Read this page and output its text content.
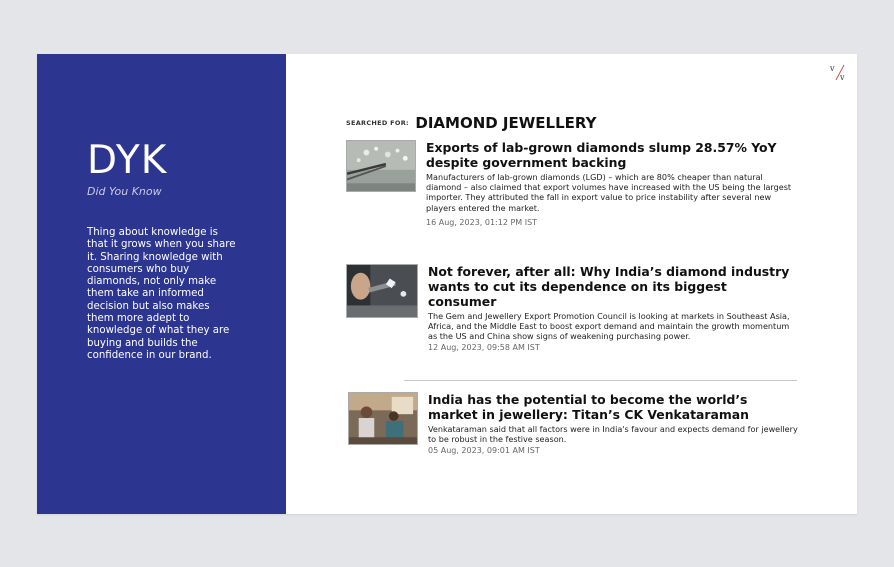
DYK
Did You Know
Thing about knowledge is that it grows when you share it. Sharing knowledge with consumers who buy diamonds, not only make them take an informed decision but also makes them more adept to knowledge of what they are buying and builds the confidence in our brand.
v
v
SEARCHED FOR: DIAMOND JEWELLERY
Exports of lab-grown diamonds slump 28.57% YoY despite government backing
Manufacturers of lab-grown diamonds (LGD) – which are 80% cheaper than natural diamond – also claimed that export volumes have increased with the US being the largest importer. They attributed the fall in export value to price instability after several new players entered the market.
16 Aug, 2023, 01:12 PM IST
Not forever, after all: Why India’s diamond industry wants to cut its dependence on its biggest consumer
The Gem and Jewellery Export Promotion Council is looking at markets in Southeast Asia, Africa, and the Middle East to boost export demand and maintain the growth momentum as the US and China show signs of weakening purchasing power.
12 Aug, 2023, 09:58 AM IST
India has the potential to become the world’s market in jewellery: Titan’s CK Venkataraman
Venkataraman said that all factors were in India's favour and expects demand for jewellery to be robust in the festive season.
05 Aug, 2023, 09:01 AM IST
